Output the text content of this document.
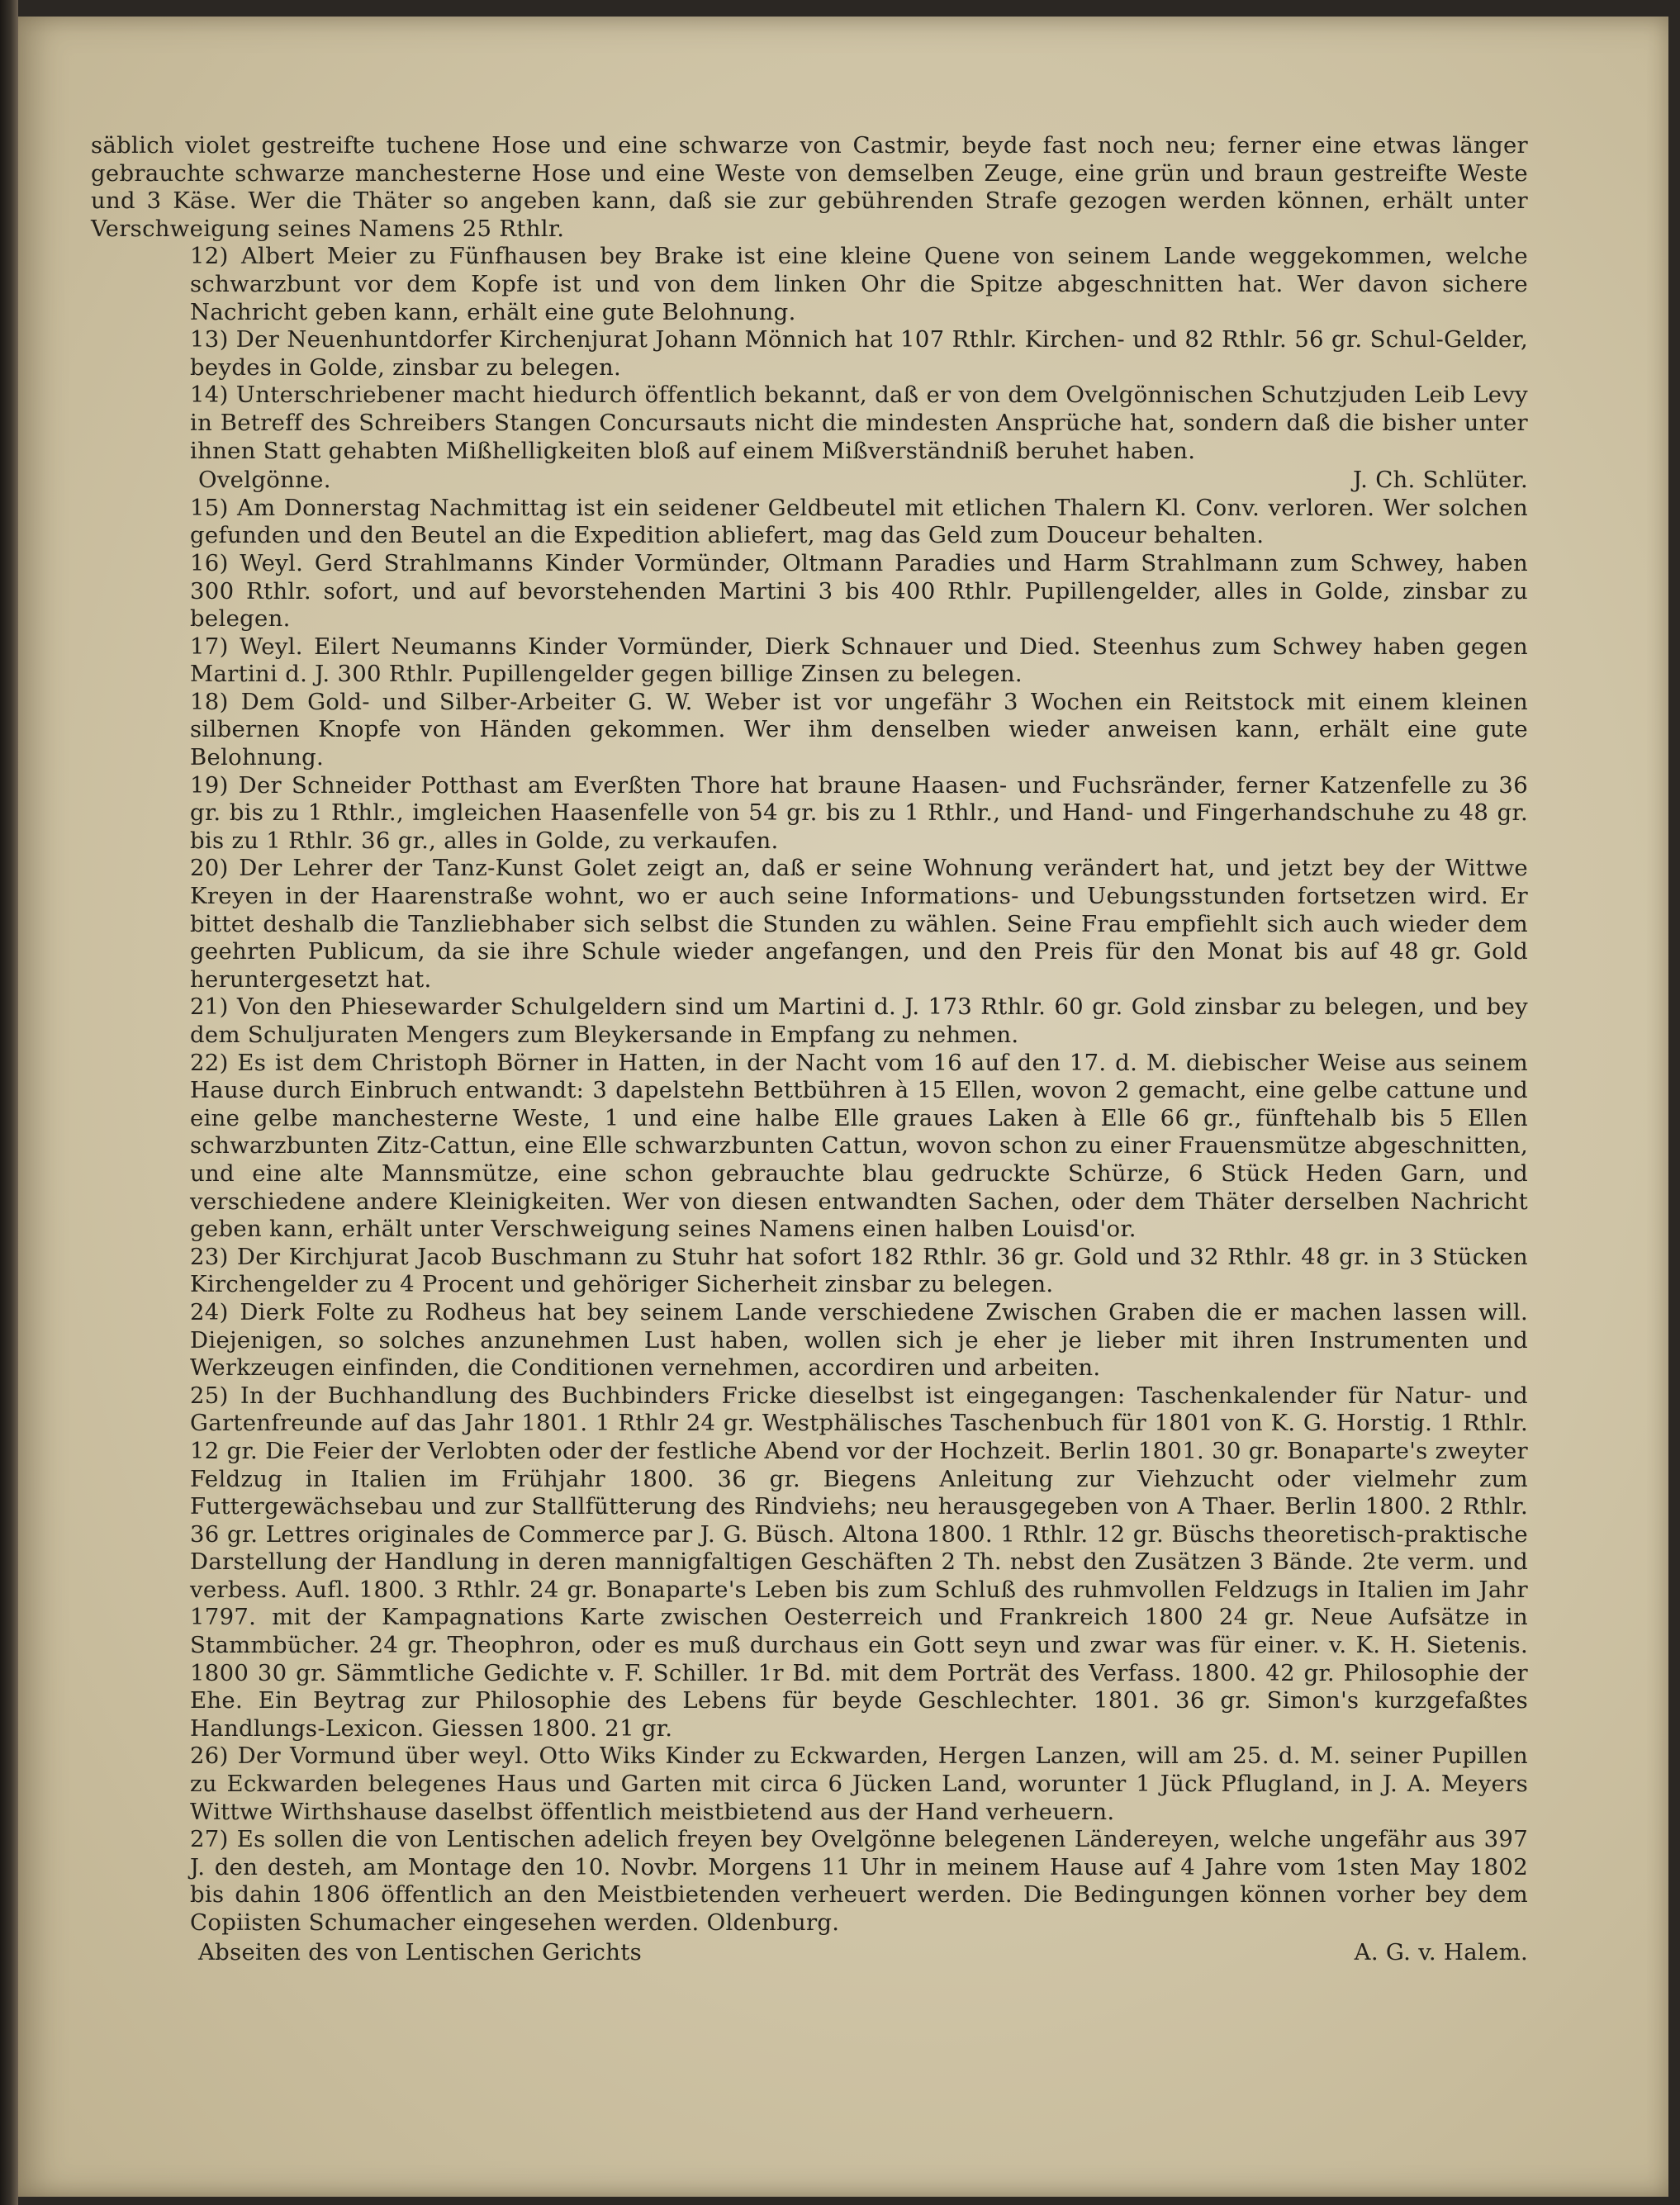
säblich violet gestreifte tuchene Hose und eine schwarze von Castmir, beyde fast noch neu; ferner eine etwas länger gebrauchte schwarze manchesterne Hose und eine Weste von demselben Zeuge, eine grün und braun gestreifte Weste und 3 Käse. Wer die Thäter so angeben kann, daß sie zur gebührenden Strafe gezogen werden können, erhält unter Verschweigung seines Namens 25 Rthlr.

12) Albert Meier zu Fünfhausen bey Brake ist eine kleine Quene von seinem Lande weggekommen, welche schwarzbunt vor dem Kopfe ist und von dem linken Ohr die Spitze abgeschnitten hat. Wer davon sichere Nachricht geben kann, erhält eine gute Belohnung.

13) Der Neuenhuntdorfer Kirchenjurat Johann Mönnich hat 107 Rthlr. Kirchen- und 82 Rthlr. 56 gr. Schul-Gelder, beydes in Golde, zinsbar zu belegen.

14) Unterschriebener macht hiedurch öffentlich bekannt, daß er von dem Ovelgönnischen Schutzjuden Leib Levy in Betreff des Schreibers Stangen Concursauts nicht die mindesten Ansprüche hat, sondern daß die bisher unter ihnen Statt gehabten Mißhelligkeiten bloß auf einem Mißverständniß beruhet haben.

Ovelgönne.	J. Ch. Schlüter.

15) Am Donnerstag Nachmittag ist ein seidener Geldbeutel mit etlichen Thalern Kl. Conv. verloren. Wer solchen gefunden und den Beutel an die Expedition abliefert, mag das Geld zum Douceur behalten.

16) Weyl. Gerd Strahlmanns Kinder Vormünder, Oltmann Paradies und Harm Strahlmann zum Schwey, haben 300 Rthlr. sofort, und auf bevorstehenden Martini 3 bis 400 Rthlr. Pupillengelder, alles in Golde, zinsbar zu belegen.

17) Weyl. Eilert Neumanns Kinder Vormünder, Dierk Schnauer und Died. Steenhus zum Schwey haben gegen Martini d. J. 300 Rthlr. Pupillengelder gegen billige Zinsen zu belegen.

18) Dem Gold- und Silber-Arbeiter G. W. Weber ist vor ungefähr 3 Wochen ein Reitstock mit einem kleinen silbernen Knopfe von Händen gekommen. Wer ihm denselben wieder anweisen kann, erhält eine gute Belohnung.

19) Der Schneider Potthast am Everßten Thore hat braune Haasen- und Fuchsränder, ferner Katzenfelle zu 36 gr. bis zu 1 Rthlr., imgleichen Haasenfelle von 54 gr. bis zu 1 Rthlr., und Hand- und Fingerhandschuhe zu 48 gr. bis zu 1 Rthlr. 36 gr., alles in Golde, zu verkaufen.

20) Der Lehrer der Tanz-Kunst Golet zeigt an, daß er seine Wohnung verändert hat, und jetzt bey der Wittwe Kreyen in der Haarenstraße wohnt, wo er auch seine Informations- und Uebungsstunden fortsetzen wird. Er bittet deshalb die Tanzliebhaber sich selbst die Stunden zu wählen. Seine Frau empfiehlt sich auch wieder dem geehrten Publicum, da sie ihre Schule wieder angefangen, und den Preis für den Monat bis auf 48 gr. Gold heruntergesetzt hat.

21) Von den Phiesewarder Schulgeldern sind um Martini d. J. 173 Rthlr. 60 gr. Gold zinsbar zu belegen, und bey dem Schuljuraten Mengers zum Bleykersande in Empfang zu nehmen.

22) Es ist dem Christoph Börner in Hatten, in der Nacht vom 16 auf den 17. d. M. diebischer Weise aus seinem Hause durch Einbruch entwandt: 3 dapelstehn Bettbühren à 15 Ellen, wovon 2 gemacht, eine gelbe cattune und eine gelbe manchesterne Weste, 1 und eine halbe Elle graues Laken à Elle 66 gr., fünftehalb bis 5 Ellen schwarzbunten Zitz-Cattun, eine Elle schwarzbunten Cattun, wovon schon zu einer Frauensmütze abgeschnitten, und eine alte Mannsmütze, eine schon gebrauchte blau gedruckte Schürze, 6 Stück Heden Garn, und verschiedene andere Kleinigkeiten. Wer von diesen entwandten Sachen, oder dem Thäter derselben Nachricht geben kann, erhält unter Verschweigung seines Namens einen halben Louisd'or.

23) Der Kirchjurat Jacob Buschmann zu Stuhr hat sofort 182 Rthlr. 36 gr. Gold und 32 Rthlr. 48 gr. in 3 Stücken Kirchengelder zu 4 Procent und gehöriger Sicherheit zinsbar zu belegen.

24) Dierk Folte zu Rodheus hat bey seinem Lande verschiedene Zwischen Graben die er machen lassen will. Diejenigen, so solches anzunehmen Lust haben, wollen sich je eher je lieber mit ihren Instrumenten und Werkzeugen einfinden, die Conditionen vernehmen, accordiren und arbeiten.

25) In der Buchhandlung des Buchbinders Fricke dieselbst ist eingegangen: Taschenkalender für Natur- und Gartenfreunde auf das Jahr 1801. 1 Rthlr 24 gr. Westphälisches Taschenbuch für 1801 von K. G. Horstig. 1 Rthlr. 12 gr. Die Feier der Verlobten oder der festliche Abend vor der Hochzeit. Berlin 1801. 30 gr. Bonaparte's zweyter Feldzug in Italien im Frühjahr 1800. 36 gr. Biegens Anleitung zur Viehzucht oder vielmehr zum Futtergewächsebau und zur Stallfütterung des Rindviehs; neu herausgegeben von A Thaer. Berlin 1800. 2 Rthlr. 36 gr. Lettres originales de Commerce par J. G. Büsch. Altona 1800. 1 Rthlr. 12 gr. Büschs theoretisch-praktische Darstellung der Handlung in deren mannigfaltigen Geschäften 2 Th. nebst den Zusätzen 3 Bände. 2te verm. und verbess. Aufl. 1800. 3 Rthlr. 24 gr. Bonaparte's Leben bis zum Schluß des ruhmvollen Feldzugs in Italien im Jahr 1797. mit der Kampagnations Karte zwischen Oesterreich und Frankreich 1800 24 gr. Neue Aufsätze in Stammbücher. 24 gr. Theophron, oder es muß durchaus ein Gott seyn und zwar was für einer. v. K. H. Sietenis. 1800 30 gr. Sämmtliche Gedichte v. F. Schiller. 1r Bd. mit dem Porträt des Verfass. 1800. 42 gr. Philosophie der Ehe. Ein Beytrag zur Philosophie des Lebens für beyde Geschlechter. 1801. 36 gr. Simon's kurzgefaßtes Handlungs-Lexicon. Giessen 1800. 21 gr.

26) Der Vormund über weyl. Otto Wiks Kinder zu Eckwarden, Hergen Lanzen, will am 25. d. M. seiner Pupillen zu Eckwarden belegenes Haus und Garten mit circa 6 Jücken Land, worunter 1 Jück Pflugland, in J. A. Meyers Wittwe Wirthshause daselbst öffentlich meistbietend aus der Hand verheuern.

27) Es sollen die von Lentischen adelich freyen bey Ovelgönne belegenen Ländereyen, welche ungefähr aus 397 J. den desteh, am Montage den 10. Novbr. Morgens 11 Uhr in meinem Hause auf 4 Jahre vom 1sten May 1802 bis dahin 1806 öffentlich an den Meistbietenden verheuert werden. Die Bedingungen können vorher bey dem Copiisten Schumacher eingesehen werden. Oldenburg.

Abseiten des von Lentischen Gerichts	A. G. v. Halem.
